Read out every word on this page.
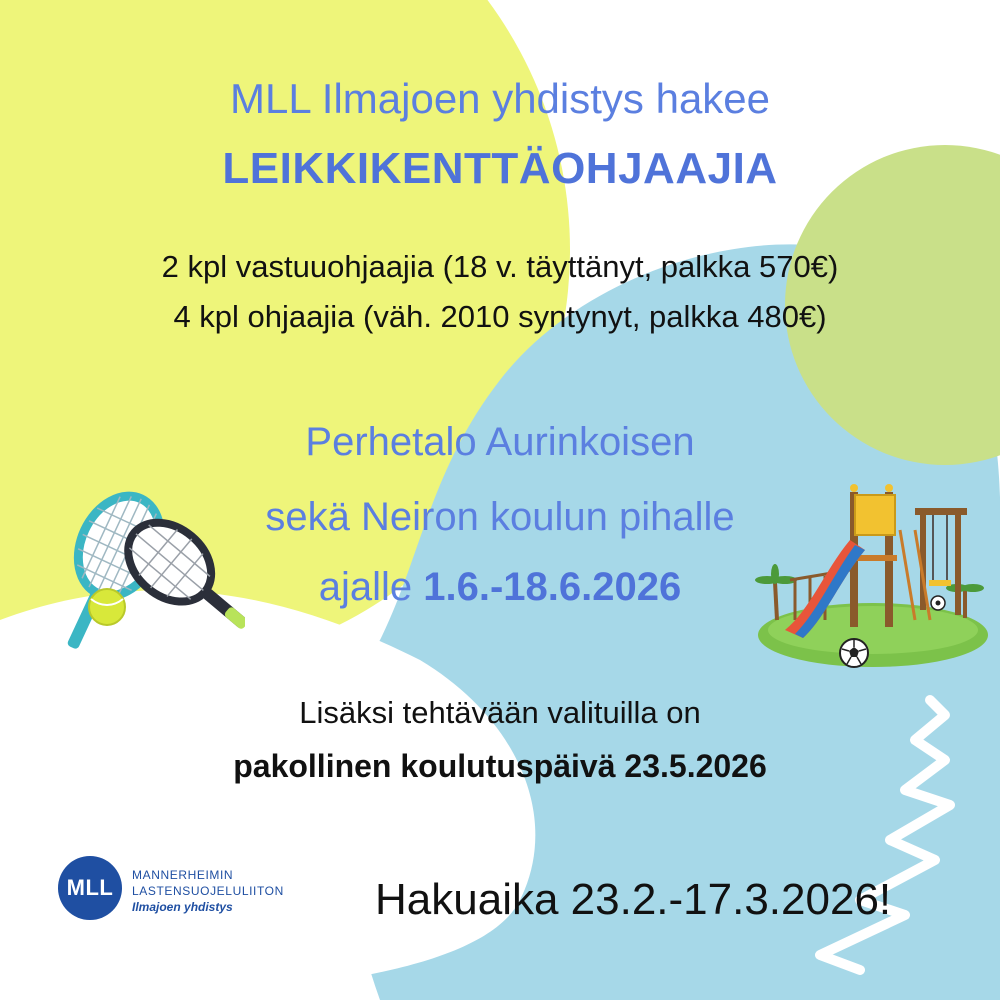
MLL Ilmajoen yhdistys hakee
LEIKKIKENTTÄOHJAAJIA
2 kpl vastuuohjaajia (18 v. täyttänyt, palkka 570€)
4 kpl ohjaajia (väh. 2010 syntynyt, palkka 480€)
Perhetalo Aurinkoisen
sekä Neiron koulun pihalle
ajalle 1.6.-18.6.2026
Lisäksi tehtävään valituilla on
pakollinen koulutuspäivä 23.5.2026
MLL	MANNERHEIMIN
LASTENSUOJELULIITON
Ilmajoen yhdistys	Hakuaika 23.2.-17.3.2026!
